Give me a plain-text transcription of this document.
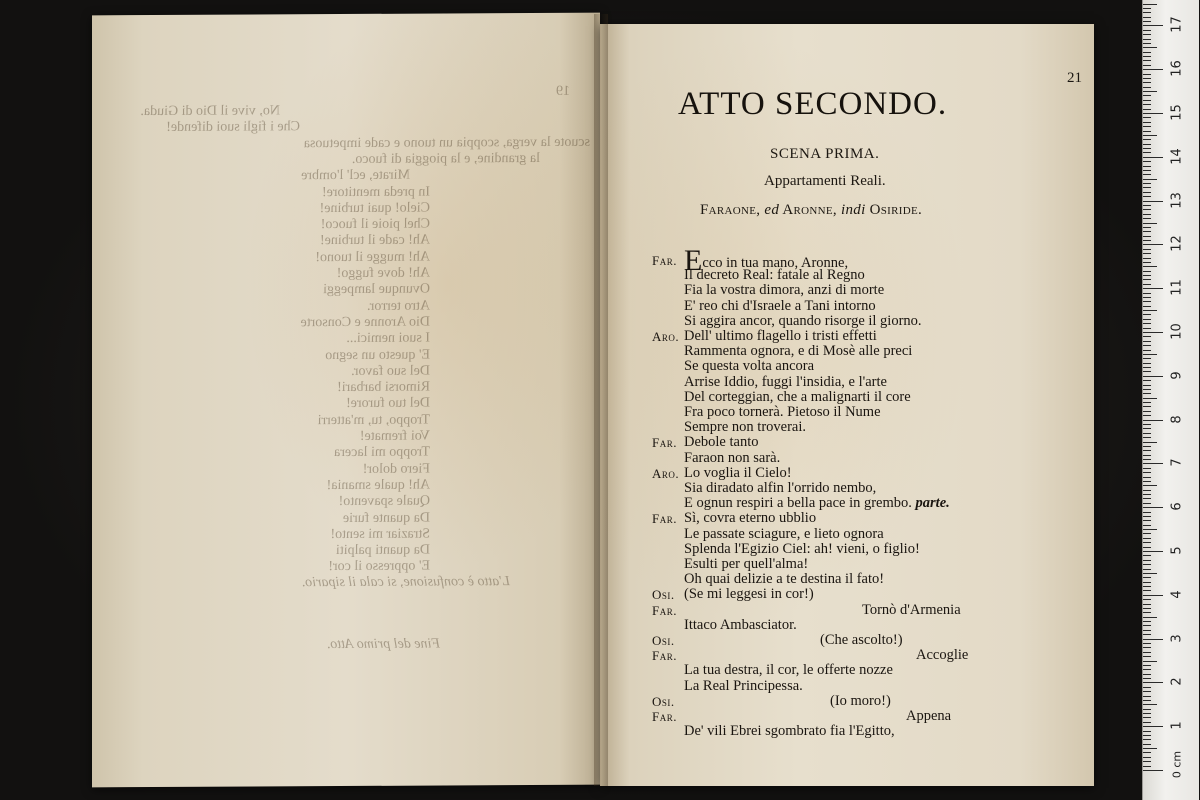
19
No, vive il Dio di Giuda.
Che i figli suoi difende!
scuote la verga, scoppia un tuono e cade impetuosa
la grandine, e la pioggia di fuoco.
Mirate, ecl' l'ombre
In preda mentitore!
Cielo! quai turbine!
Chel pioie il fuoco!
Ah! cade il turbine!
Ah! mugge il tuono!
Ah! dove fuggo!
Ovunque lampeggi
Atro terror.
Dio Aronne e Consorte
I suoi nemici...
E' questo un segno
Del suo favor.
Rimorsi barbari!
Del tuo furore!
Troppo, tu, m'atterri
Voi fremate!
Troppo mi lacera
Fiero dolor!
Ah! quale smania!
Quale spavento!
Da quante furie
Straziar mi sento!
Da quanti palpiti
E' oppresso il cor!
L'atto è confusione, si cala il sipario.
Fine del primo Atto.
21
ATTO SECONDO.
SCENA PRIMA.
Appartamenti Reali.
Faraone, ed Aronne, indi Osiride.
Far. Ecco in tua mano, Aronne,
Il decreto Real: fatale al Regno
Fia la vostra dimora, anzi di morte
E' reo chi d'Israele a Tani intorno
Si aggira ancor, quando risorge il giorno.
Aro. Dell' ultimo flagello i tristi effetti
Rammenta ognora, e di Mosè alle preci
Se questa volta ancora
Arrise Iddio, fuggi l'insidia, e l'arte
Del corteggian, che a malignarti il core
Fra poco tornerà. Pietoso il Nume
Sempre non troverai.
Far. Debole tanto
Faraon non sarà.
Aro. Lo voglia il Cielo!
Sia diradato alfin l'orrido nembo,
E ognun respiri a bella pace in grembo. parte.
Far. Sì, covra eterno ubblio
Le passate sciagure, e lieto ognora
Splenda l'Egizio Ciel: ah! vieni, o figlio!
Esulti per quell'alma!
Oh quai delizie a te destina il fato!
Osi. (Se mi leggesi in cor!)
Far.	Tornò d'Armenia
Ittaco Ambasciator.
Osi.	(Che ascolto!)
Far.	Accoglie
La tua destra, il cor, le offerte nozze
La Real Principessa.
Osi.	(Io moro!)
Far.	Appena
De' vili Ebrei sgombrato fia l'Egitto,
0 cm
1
2
3
4
5
6
7
8
9
10
11
12
13
14
15
16
17
